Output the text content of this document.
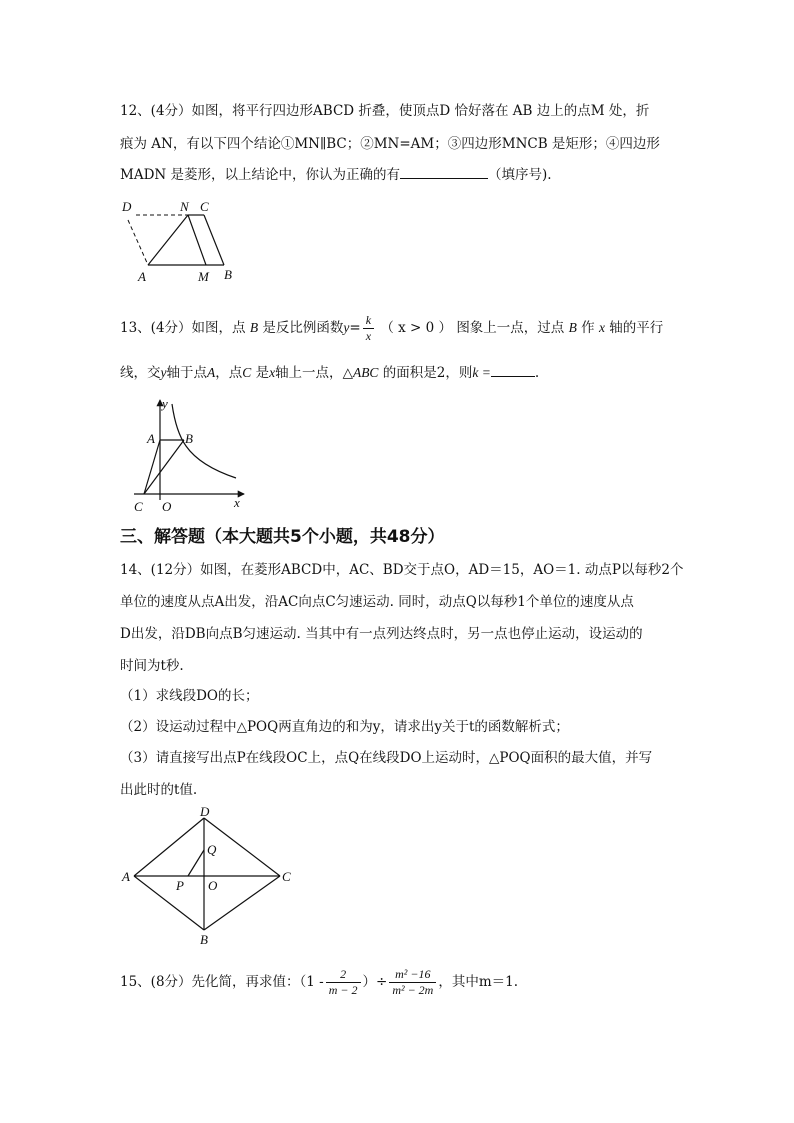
12、(4分）如图，将平行四边形ABCD 折叠，使顶点D 恰好落在 AB 边上的点M 处，折
痕为 AN，有以下四个结论①MN∥BC；②MN=AM；③四边形MNCB 是矩形；④四边形
MADN 是菱形，以上结论中，你认为正确的有	（填序号).
D	N C
A	M B
13、(4分）如图，点 B 是反比例函数$y= \frac{k}{x}$ （ x > 0 ） 图象上一点，过点 B 作 x 轴的平行
线，交y轴于点A，点C 是x轴上一点，△ABC 的面积是2，则k =	.
y
A B
C O	x
三、解答题（本大题共5个小题，共48分）
14、(12分）如图，在菱形ABCD中，AC、BD交于点O，AD＝15，AO＝1. 动点P以每秒2个
单位的速度从点A出发，沿AC向点C匀速运动. 同时，动点Q以每秒1个单位的速度从点
D出发，沿DB向点B匀速运动. 当其中有一点列达终点时，另一点也停止运动，设运动的
时间为t秒.
（1）求线段DO的长；
（2）设运动过程中△POQ两直角边的和为y，请求出y关于t的函数解析式；
（3）请直接写出点P在线段OC上，点Q在线段DO上运动时，△POQ面积的最大值，并写
出此时的t值.
D
Q
A
P O
C
B
15、(8分）先化简，再求值：（$1 - \frac{2}{m - 2}$ ）÷ $\frac{\text{m² −16}}{\text{m² − 2m}}$ ，其中m＝1.
